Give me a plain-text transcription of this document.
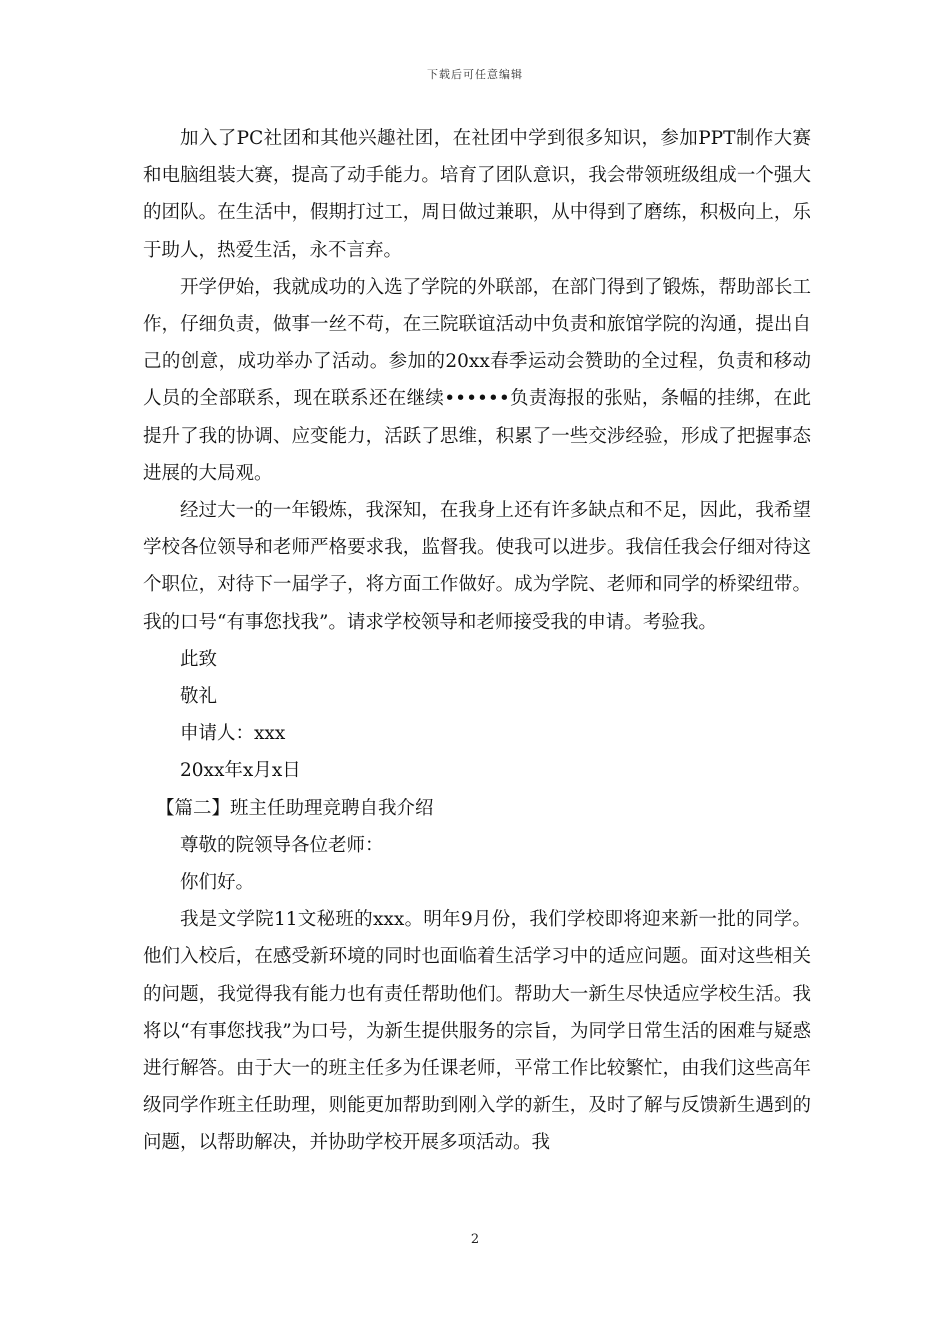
下载后可任意编辑

加入了PC社团和其他兴趣社团，在社团中学到很多知识，参加PPT制作大赛和电脑组装大赛，提高了动手能力。培育了团队意识，我会带领班级组成一个强大的团队。在生活中，假期打过工，周日做过兼职，从中得到了磨练，积极向上，乐于助人，热爱生活，永不言弃。

开学伊始，我就成功的入选了学院的外联部，在部门得到了锻炼，帮助部长工作，仔细负责，做事一丝不苟，在三院联谊活动中负责和旅馆学院的沟通，提出自己的创意，成功举办了活动。参加的20xx春季运动会赞助的全过程，负责和移动人员的全部联系，现在联系还在继续••••••负责海报的张贴，条幅的挂绑，在此提升了我的协调、应变能力，活跃了思维，积累了一些交涉经验，形成了把握事态进展的大局观。

经过大一的一年锻炼，我深知，在我身上还有许多缺点和不足，因此，我希望学校各位领导和老师严格要求我，监督我。使我可以进步。我信任我会仔细对待这个职位，对待下一届学子，将方面工作做好。成为学院、老师和同学的桥梁纽带。我的口号“有事您找我”。请求学校领导和老师接受我的申请。考验我。

此致

敬礼

申请人：xxx

20xx年x月x日

【篇二】班主任助理竞聘自我介绍

尊敬的院领导各位老师：

你们好。

我是文学院11文秘班的xxx。明年9月份，我们学校即将迎来新一批的同学。他们入校后，在感受新环境的同时也面临着生活学习中的适应问题。面对这些相关的问题，我觉得我有能力也有责任帮助他们。帮助大一新生尽快适应学校生活。我将以“有事您找我”为口号，为新生提供服务的宗旨，为同学日常生活的困难与疑惑进行解答。由于大一的班主任多为任课老师，平常工作比较繁忙，由我们这些高年级同学作班主任助理，则能更加帮助到刚入学的新生，及时了解与反馈新生遇到的问题，以帮助解决，并协助学校开展多项活动。我

2
